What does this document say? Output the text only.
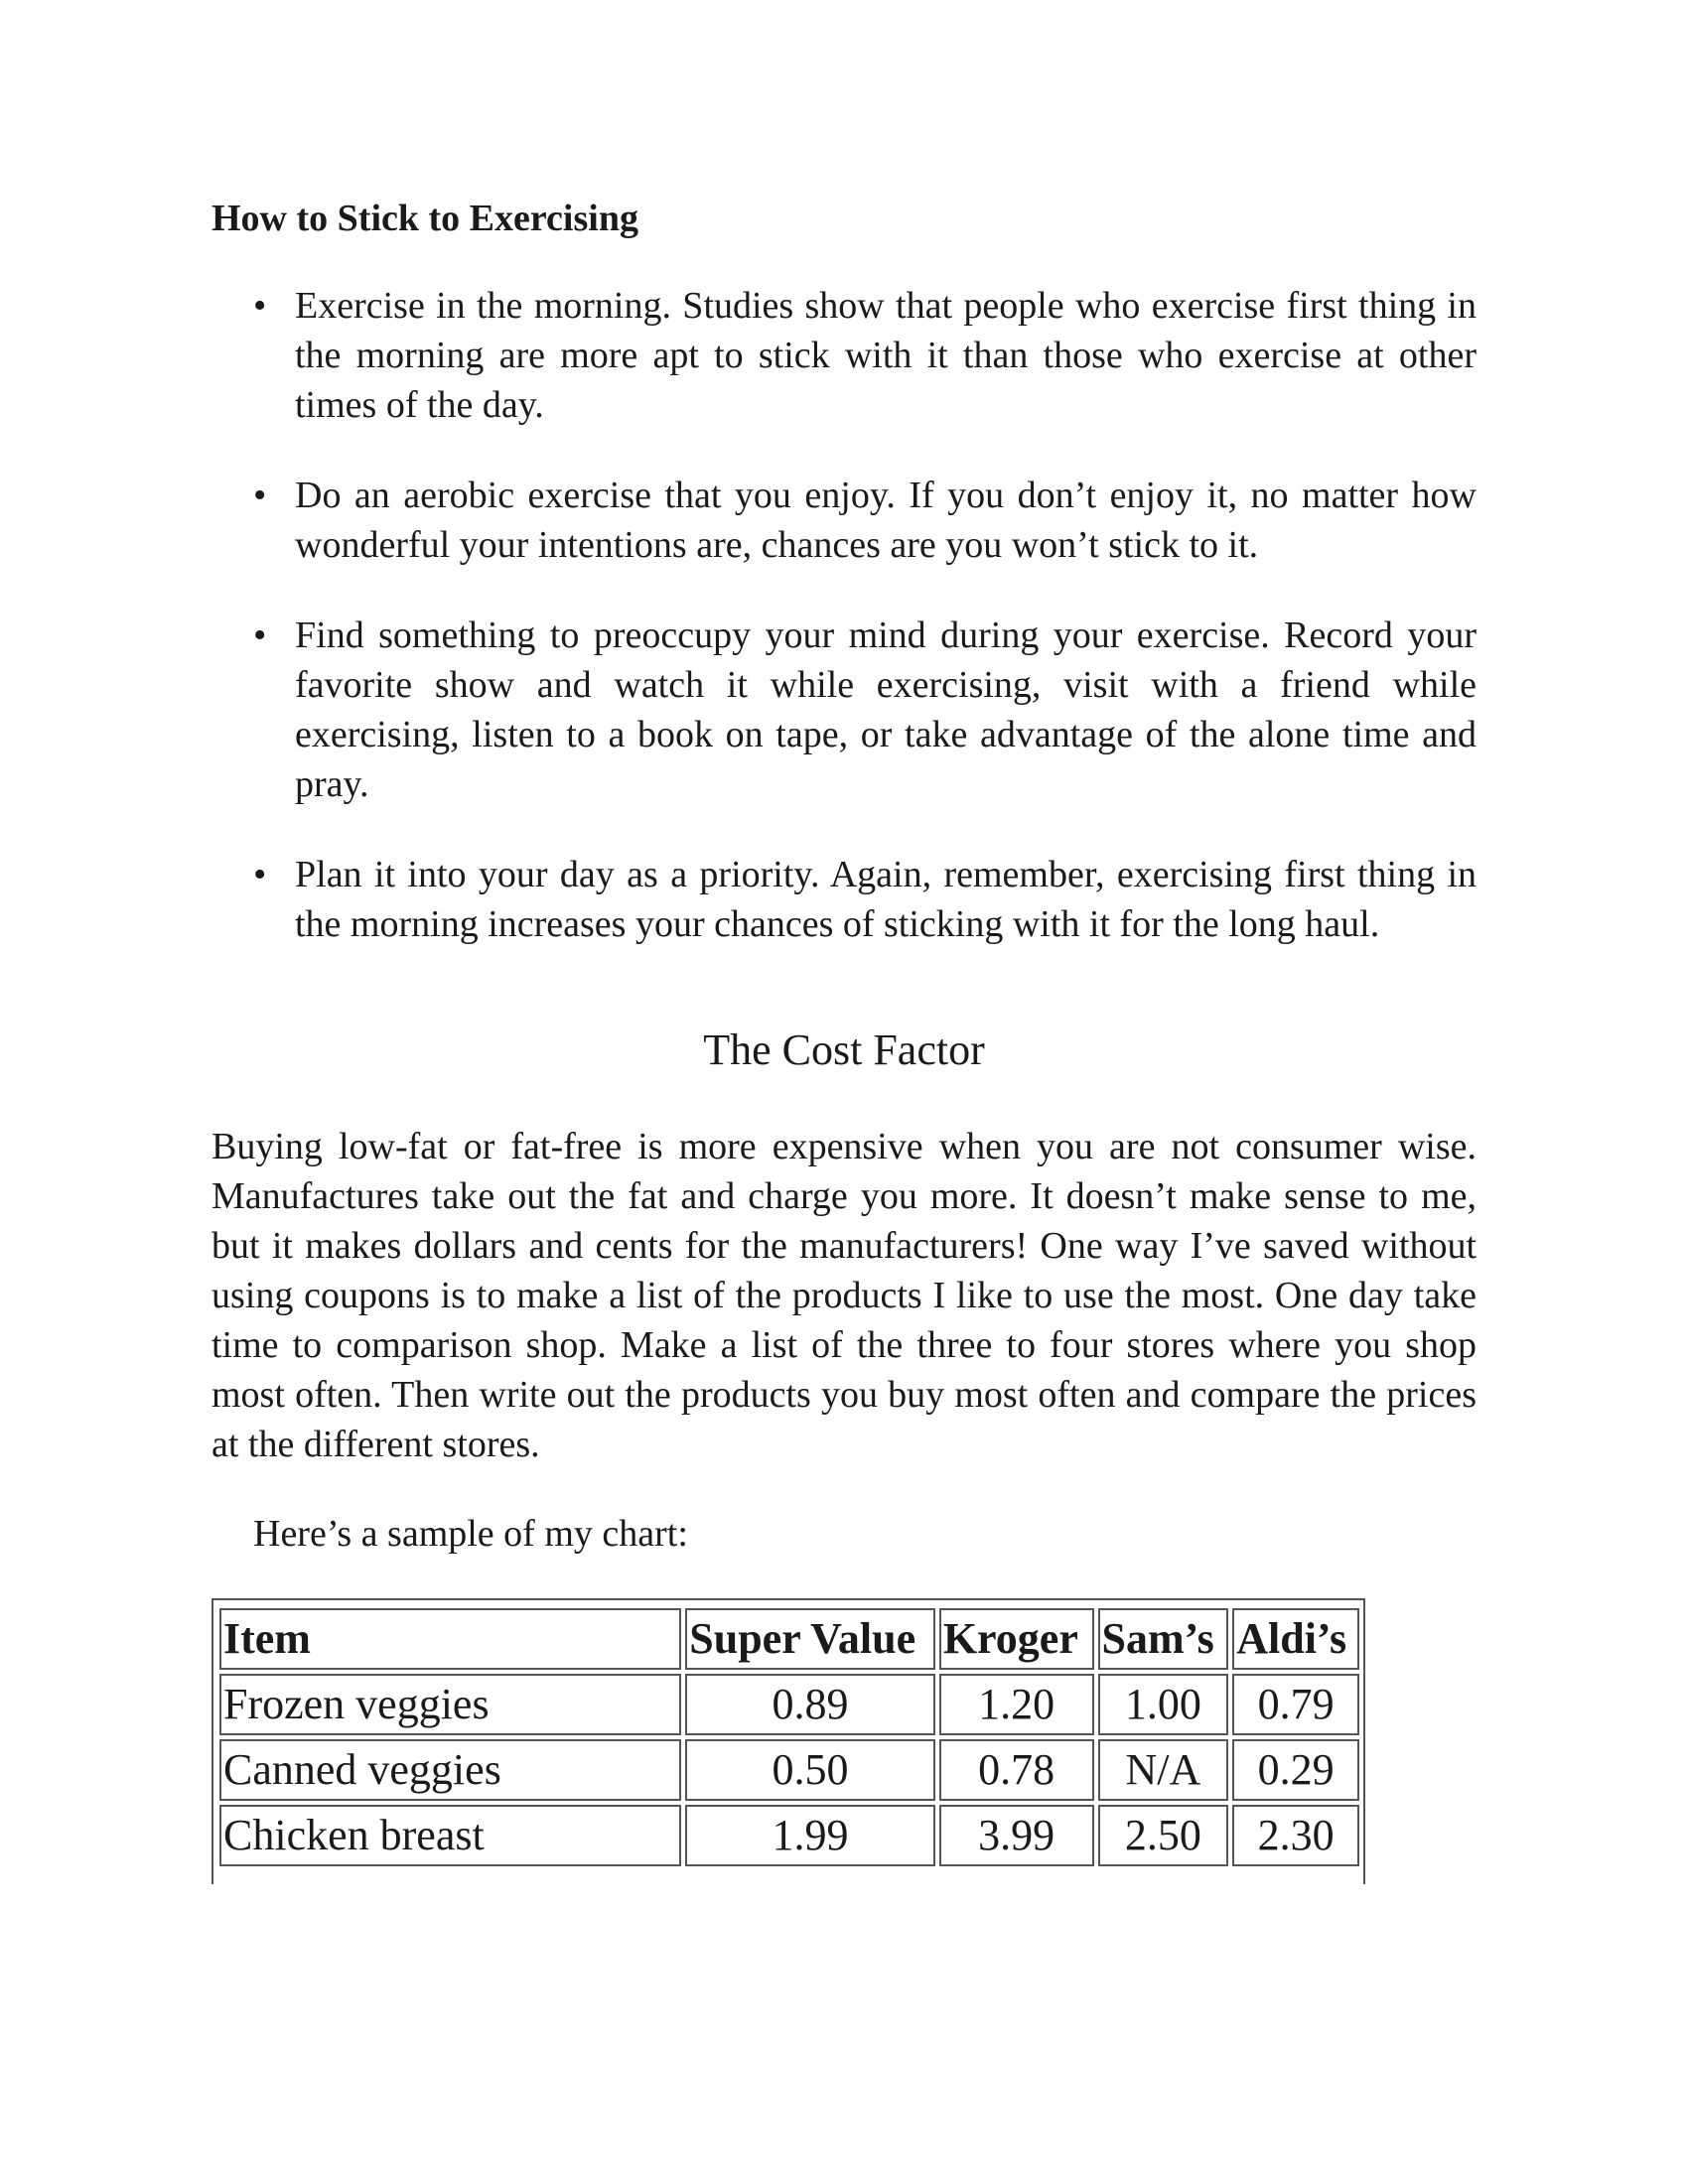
How to Stick to Exercising
• Exercise in the morning. Studies show that people who exercise first thing in the morning are more apt to stick with it than those who exercise at other times of the day.
• Do an aerobic exercise that you enjoy. If you don’t enjoy it, no matter how wonderful your intentions are, chances are you won’t stick to it.
• Find something to preoccupy your mind during your exercise. Record your favorite show and watch it while exercising, visit with a friend while exercising, listen to a book on tape, or take advantage of the alone time and pray.
• Plan it into your day as a priority. Again, remember, exercising first thing in the morning increases your chances of sticking with it for the long haul.
The Cost Factor

Buying low-fat or fat-free is more expensive when you are not consumer wise. Manufactures take out the fat and charge you more. It doesn’t make sense to me, but it makes dollars and cents for the manufacturers! One way I’ve saved without using coupons is to make a list of the products I like to use the most. One day take time to comparison shop. Make a list of the three to four stores where you shop most often. Then write out the products you buy most often and compare the prices at the different stores.

Here’s a sample of my chart:

Item	Super Value	Kroger	Sam’s	Aldi’s
Frozen veggies	0.89	1.20	1.00	0.79
Canned veggies	0.50	0.78	N/A	0.29
Chicken breast	1.99	3.99	2.50	2.30
